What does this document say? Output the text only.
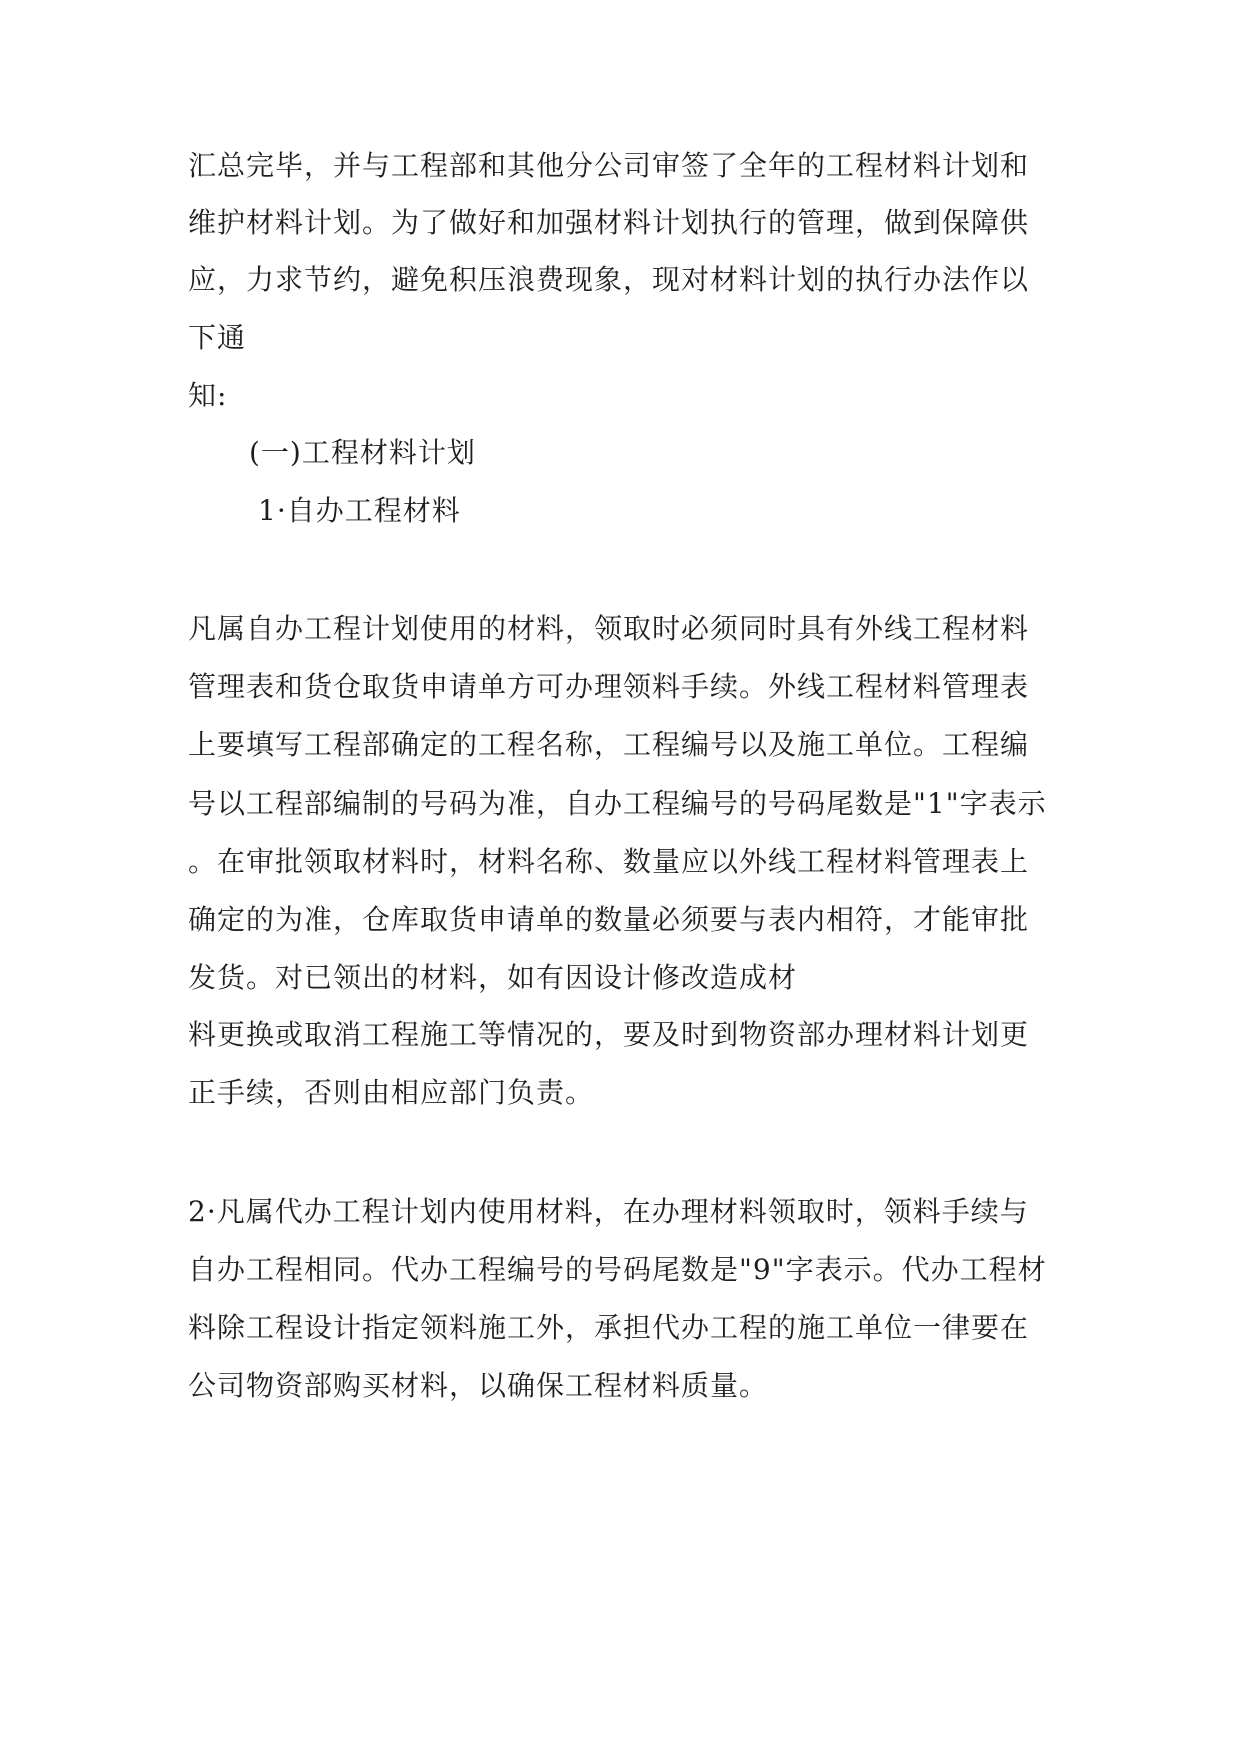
汇总完毕，并与工程部和其他分公司审签了全年的工程材料计划和

维护材料计划。为了做好和加强材料计划执行的管理，做到保障供

应，力求节约，避免积压浪费现象，现对材料计划的执行办法作以

下通

知:

(一)工程材料计划

1·自办工程材料

凡属自办工程计划使用的材料，领取时必须同时具有外线工程材料

管理表和货仓取货申请单方可办理领料手续。外线工程材料管理表

上要填写工程部确定的工程名称，工程编号以及施工单位。工程编

号以工程部编制的号码为准，自办工程编号的号码尾数是"1"字表示

。在审批领取材料时，材料名称、数量应以外线工程材料管理表上

确定的为准，仓库取货申请单的数量必须要与表内相符，才能审批

发货。对已领出的材料，如有因设计修改造成材

料更换或取消工程施工等情况的，要及时到物资部办理材料计划更

正手续，否则由相应部门负责。

2·凡属代办工程计划内使用材料，在办理材料领取时，领料手续与

自办工程相同。代办工程编号的号码尾数是"9"字表示。代办工程材

料除工程设计指定领料施工外，承担代办工程的施工单位一律要在

公司物资部购买材料，以确保工程材料质量。
